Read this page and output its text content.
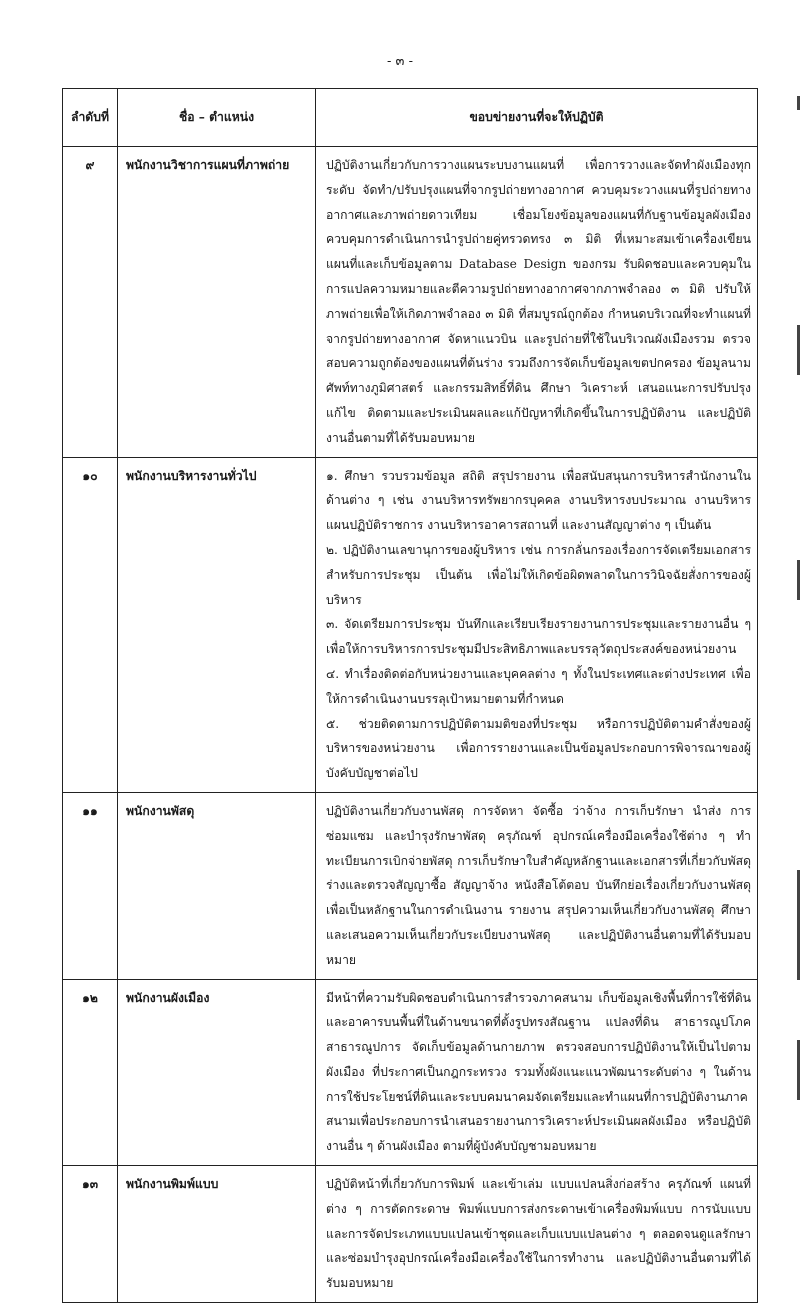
- ๓ -
ลำดับที่	ชื่อ – ตำแหน่ง	ขอบข่ายงานที่จะให้ปฏิบัติ
๙	พนักงานวิชาการแผนที่ภาพถ่าย	ปฏิบัติงานเกี่ยวกับการวางแผนระบบงานแผนที่ เพื่อการวางและจัดทำผังเมืองทุกระดับ จัดทำ/ปรับปรุงแผนที่จากรูปถ่ายทางอากาศ ควบคุมระวางแผนที่รูปถ่ายทางอากาศและภาพถ่ายดาวเทียม เชื่อมโยงข้อมูลของแผนที่กับฐานข้อมูลผังเมือง ควบคุมการดำเนินการนำรูปถ่ายคู่ทรวดทรง ๓ มิติ ที่เหมาะสมเข้าเครื่องเขียนแผนที่และเก็บข้อมูลตาม Database Design ของกรม รับผิดชอบและควบคุมในการแปลความหมายและตีความรูปถ่ายทางอากาศจากภาพจำลอง ๓ มิติ ปรับให้ภาพถ่ายเพื่อให้เกิดภาพจำลอง ๓ มิติ ที่สมบูรณ์ถูกต้อง กำหนดบริเวณที่จะทำแผนที่จากรูปถ่ายทางอากาศ จัดหาแนวบิน และรูปถ่ายที่ใช้ในบริเวณผังเมืองรวม ตรวจสอบความถูกต้องของแผนที่ต้นร่าง รวมถึงการจัดเก็บข้อมูลเขตปกครอง ข้อมูลนามศัพท์ทางภูมิศาสตร์ และกรรมสิทธิ์ที่ดิน ศึกษา วิเคราะห์ เสนอแนะการปรับปรุงแก้ไข ติดตามและประเมินผลและแก้ปัญหาที่เกิดขึ้นในการปฏิบัติงาน และปฏิบัติงานอื่นตามที่ได้รับมอบหมาย

๑๐	พนักงานบริหารงานทั่วไป	๑. ศึกษา รวบรวมข้อมูล สถิติ สรุปรายงาน เพื่อสนับสนุนการบริหารสำนักงานในด้านต่าง ๆ เช่น งานบริหารทรัพยากรบุคคล งานบริหารงบประมาณ งานบริหารแผนปฏิบัติราชการ งานบริหารอาคารสถานที่ และงานสัญญาต่าง ๆ เป็นต้น

๒. ปฏิบัติงานเลขานุการของผู้บริหาร เช่น การกลั่นกรองเรื่องการจัดเตรียมเอกสารสำหรับการประชุม เป็นต้น เพื่อไม่ให้เกิดข้อผิดพลาดในการวินิจฉัยสั่งการของผู้บริหาร

๓. จัดเตรียมการประชุม บันทึกและเรียบเรียงรายงานการประชุมและรายงานอื่น ๆ เพื่อให้การบริหารการประชุมมีประสิทธิภาพและบรรลุวัตถุประสงค์ของหน่วยงาน

๔. ทำเรื่องติดต่อกับหน่วยงานและบุคคลต่าง ๆ ทั้งในประเทศและต่างประเทศ เพื่อให้การดำเนินงานบรรลุเป้าหมายตามที่กำหนด

๕. ช่วยติดตามการปฏิบัติตามมติของที่ประชุม หรือการปฏิบัติตามคำสั่งของผู้บริหารของหน่วยงาน เพื่อการรายงานและเป็นข้อมูลประกอบการพิจารณาของผู้บังคับบัญชาต่อไป

๑๑	พนักงานพัสดุ	ปฏิบัติงานเกี่ยวกับงานพัสดุ การจัดหา จัดซื้อ ว่าจ้าง การเก็บรักษา นำส่ง การซ่อมแซม และบำรุงรักษาพัสดุ ครุภัณฑ์ อุปกรณ์เครื่องมือเครื่องใช้ต่าง ๆ ทำทะเบียนการเบิกจ่ายพัสดุ การเก็บรักษาใบสำคัญหลักฐานและเอกสารที่เกี่ยวกับพัสดุ ร่างและตรวจสัญญาซื้อ สัญญาจ้าง หนังสือโต้ตอบ บันทึกย่อเรื่องเกี่ยวกับงานพัสดุ เพื่อเป็นหลักฐานในการดำเนินงาน รายงาน สรุปความเห็นเกี่ยวกับงานพัสดุ ศึกษาและเสนอความเห็นเกี่ยวกับระเบียบงานพัสดุ และปฏิบัติงานอื่นตามที่ได้รับมอบหมาย

๑๒	พนักงานผังเมือง	มีหน้าที่ความรับผิดชอบดำเนินการสำรวจภาคสนาม เก็บข้อมูลเชิงพื้นที่การใช้ที่ดินและอาคารบนพื้นที่ในด้านขนาดที่ตั้งรูปทรงสัณฐาน แปลงที่ดิน สาธารณูปโภค สาธารณูปการ จัดเก็บข้อมูลด้านกายภาพ ตรวจสอบการปฏิบัติงานให้เป็นไปตามผังเมือง ที่ประกาศเป็นกฎกระทรวง รวมทั้งผังแนะแนวพัฒนาระดับต่าง ๆ ในด้านการใช้ประโยชน์ที่ดินและระบบคมนาคมจัดเตรียมและทำแผนที่การปฏิบัติงานภาคสนามเพื่อประกอบการนำเสนอรายงานการวิเคราะห์ประเมินผลผังเมือง หรือปฏิบัติงานอื่น ๆ ด้านผังเมือง ตามที่ผู้บังคับบัญชามอบหมาย

๑๓	พนักงานพิมพ์แบบ	ปฏิบัติหน้าที่เกี่ยวกับการพิมพ์ และเข้าเล่ม แบบแปลนสิ่งก่อสร้าง ครุภัณฑ์ แผนที่ต่าง ๆ การตัดกระดาษ พิมพ์แบบการส่งกระดาษเข้าเครื่องพิมพ์แบบ การนับแบบ และการจัดประเภทแบบแปลนเข้าชุดและเก็บแบบแปลนต่าง ๆ ตลอดจนดูแลรักษาและซ่อมบำรุงอุปกรณ์เครื่องมือเครื่องใช้ในการทำงาน และปฏิบัติงานอื่นตามที่ได้รับมอบหมาย
